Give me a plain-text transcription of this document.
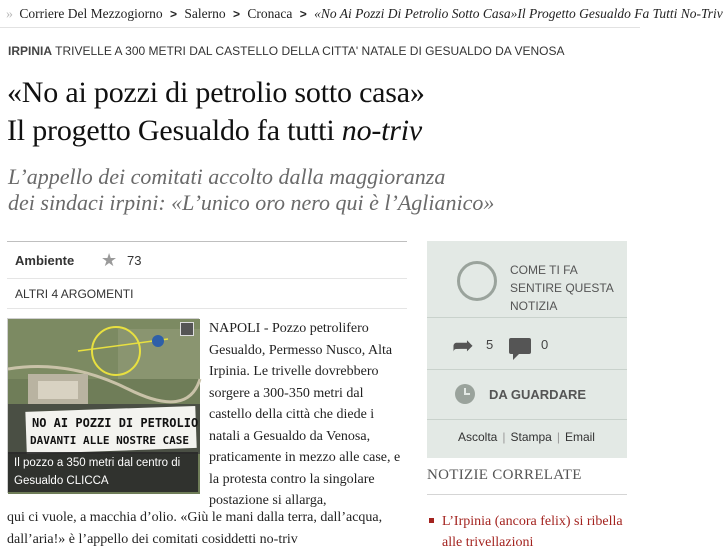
» Corriere Del Mezzogiorno > Salerno > Cronaca > «No Ai Pozzi Di Petrolio Sotto Casa»Il Progetto Gesualdo Fa Tutti No-Triv
IRPINIA TRIVELLE A 300 METRI DAL CASTELLO DELLA CITTA' NATALE DI GESUALDO DA VENOSA
«No ai pozzi di petrolio sotto casa»
Il progetto Gesualdo fa tutti no-triv
L’appello dei comitati accolto dalla maggioranza
dei sindaci irpini: «L’unico oro nero qui è l’Aglianico»
Ambiente ★ 73
ALTRI 4 ARGOMENTI
NO AI POZZI DI PETROLIO
DAVANTI ALLE NOSTRE CASE
Il pozzo a 350 metri dal centro di Gesualdo CLICCA
NAPOLI - Pozzo petrolifero Gesualdo, Permesso Nusco, Alta Irpinia. Le trivelle dovrebbero sorgere a 300-350 metri dal castello della città che diede i natali a Gesualdo da Venosa, praticamente in mezzo alle case, e la protesta contro la singolare postazione si allarga,
qui ci vuole, a macchia d’olio. «Giù le mani dalla terra, dall’acqua, dall’aria!» è l’appello dei comitati cosiddetti no-triv
COME TI FA SENTIRE QUESTA NOTIZIA
➦ 5	0
DA GUARDARE
Ascolta | Stampa | Email
NOTIZIE CORRELATE
L’Irpinia (ancora felix) si ribella alle trivellazioni
